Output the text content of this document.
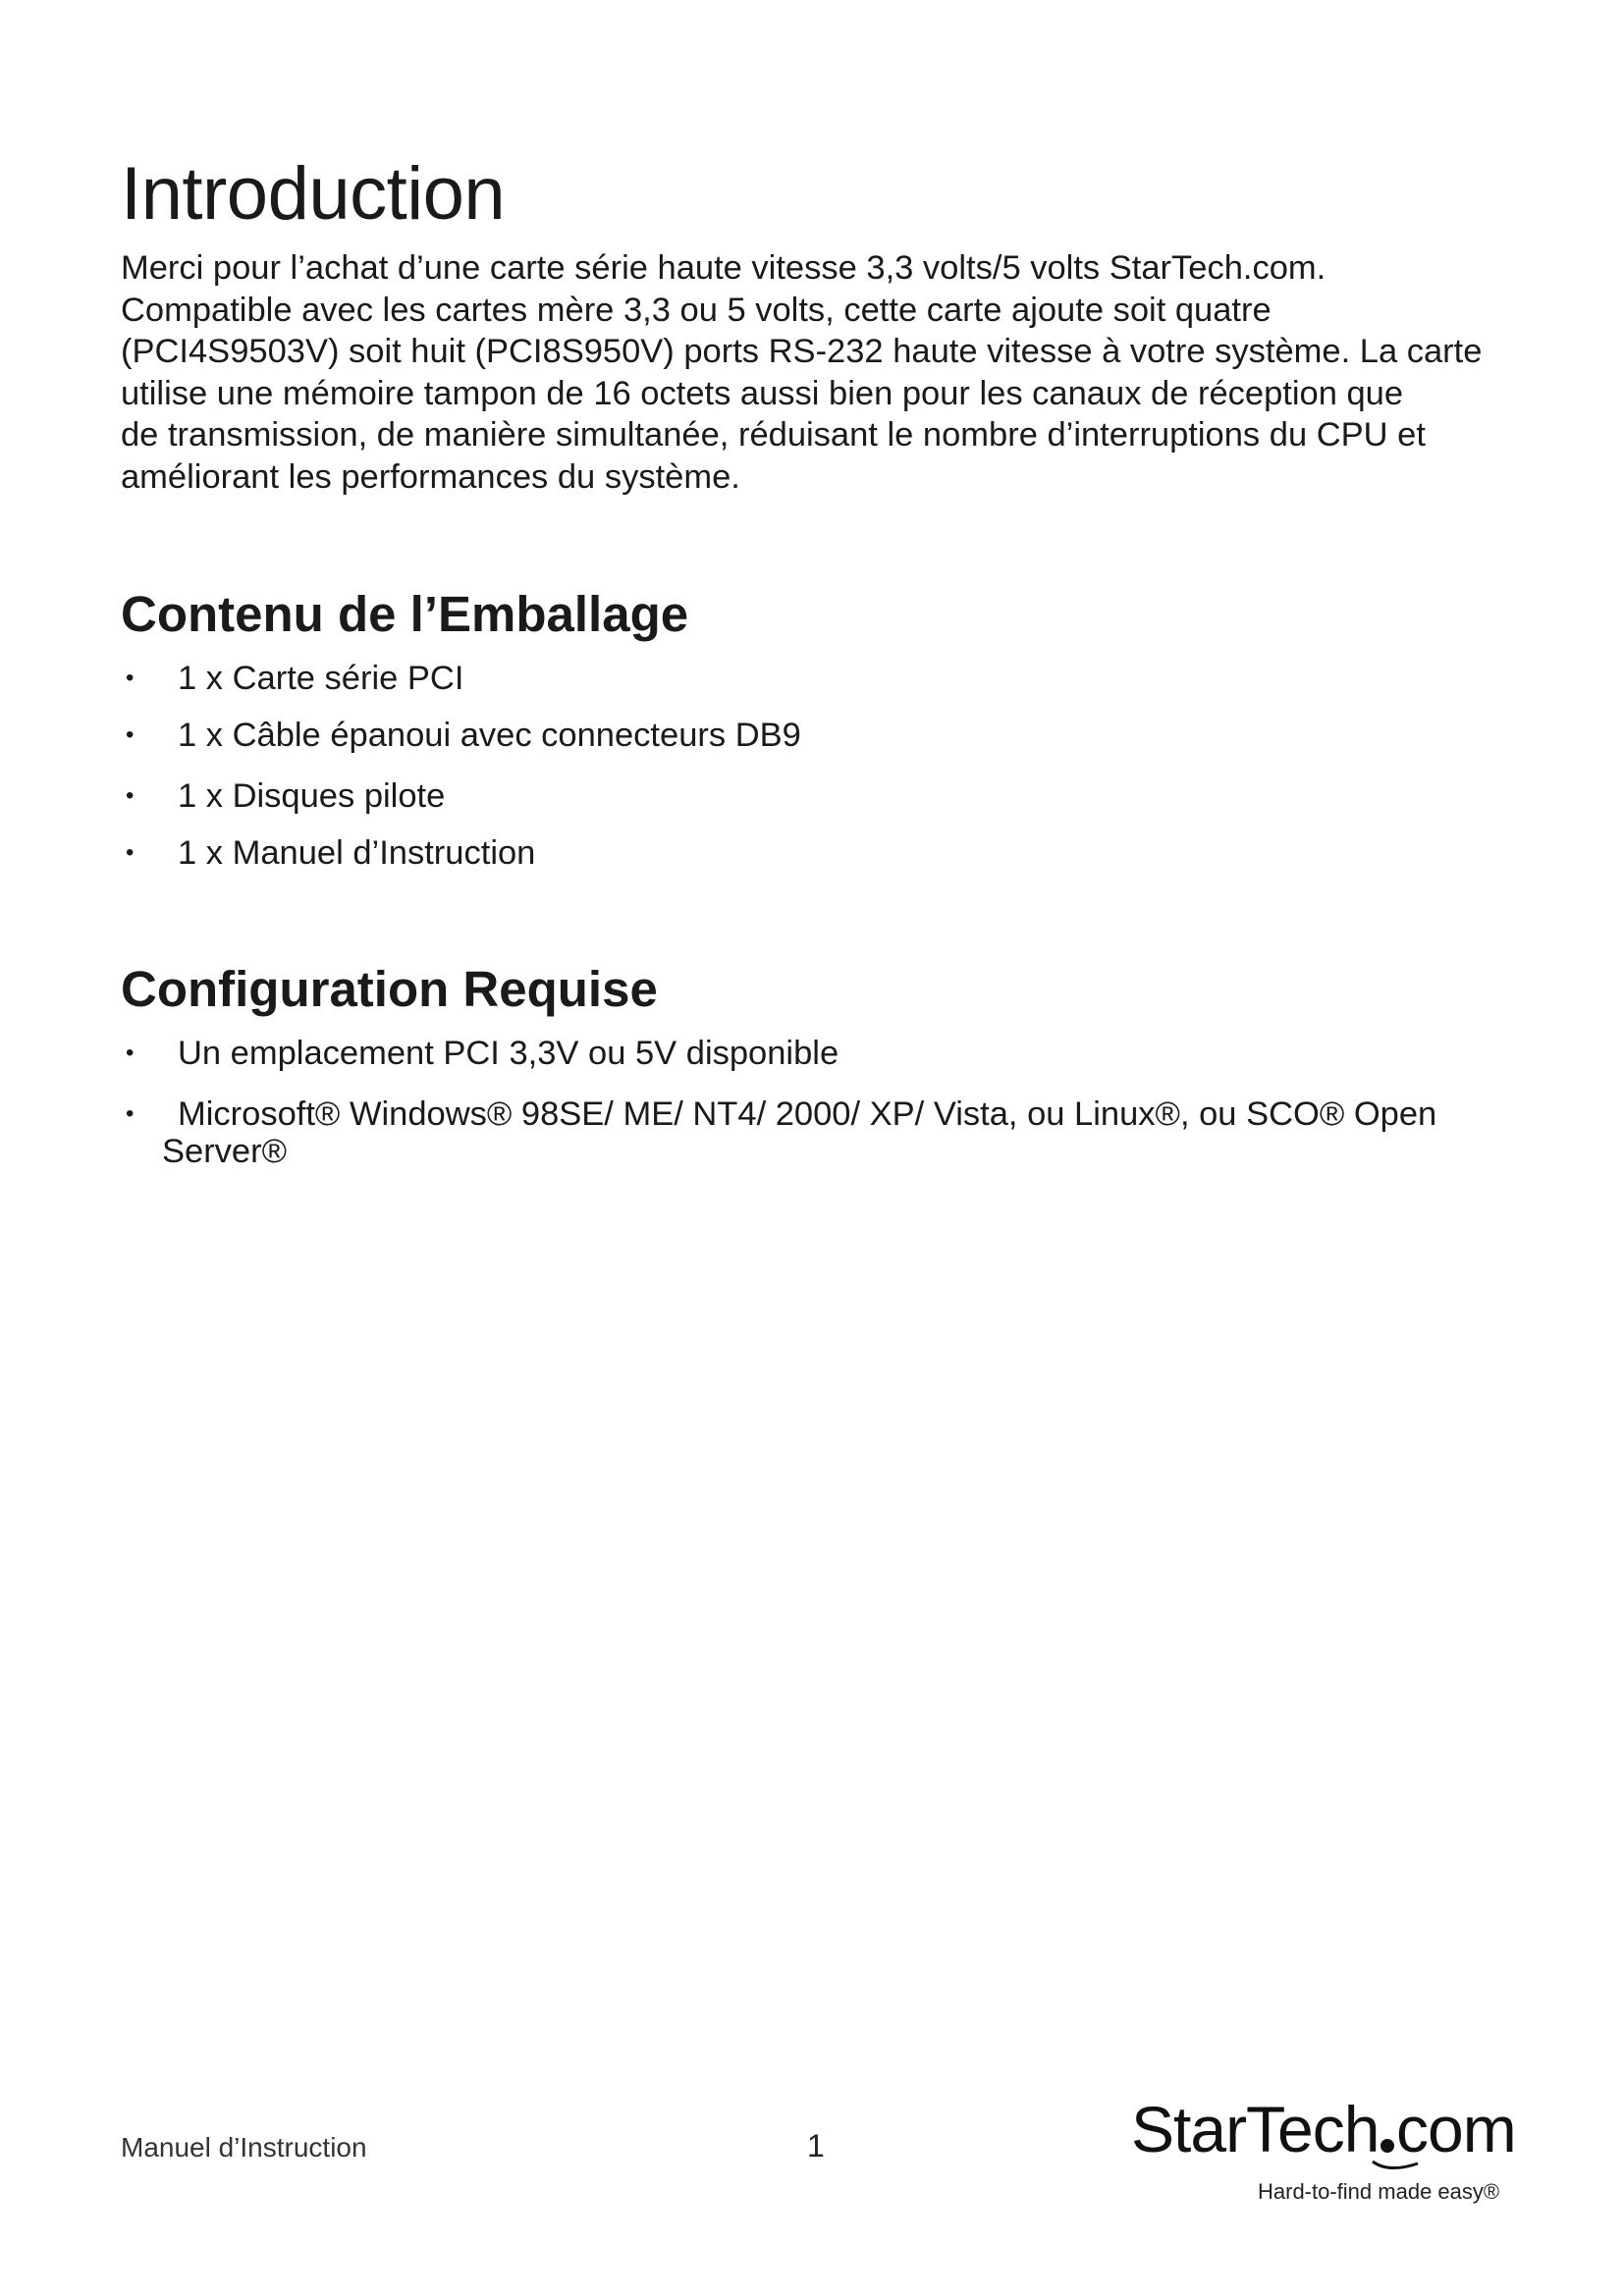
Introduction

Merci pour l’achat d’une carte série haute vitesse 3,3 volts/5 volts StarTech.com.
Compatible avec les cartes mère 3,3 ou 5 volts, cette carte ajoute soit quatre
(PCI4S9503V) soit huit (PCI8S950V) ports RS-232 haute vitesse à votre système. La carte
utilise une mémoire tampon de 16 octets aussi bien pour les canaux de réception que
de transmission, de manière simultanée, réduisant le nombre d’interruptions du CPU et
améliorant les performances du système.

Contenu de l’Emballage
• 1 x Carte série PCI
• 1 x Câble épanoui avec connecteurs DB9
• 1 x Disques pilote
• 1 x Manuel d’Instruction
Configuration Requise
• Un emplacement PCI 3,3V ou 5V disponible
• Microsoft® Windows® 98SE/ ME/ NT4/ 2000/ XP/ Vista, ou Linux®, ou SCO® Open
Server®
Manuel d’Instruction	1	StarTech com
Hard-to-find made easy®
